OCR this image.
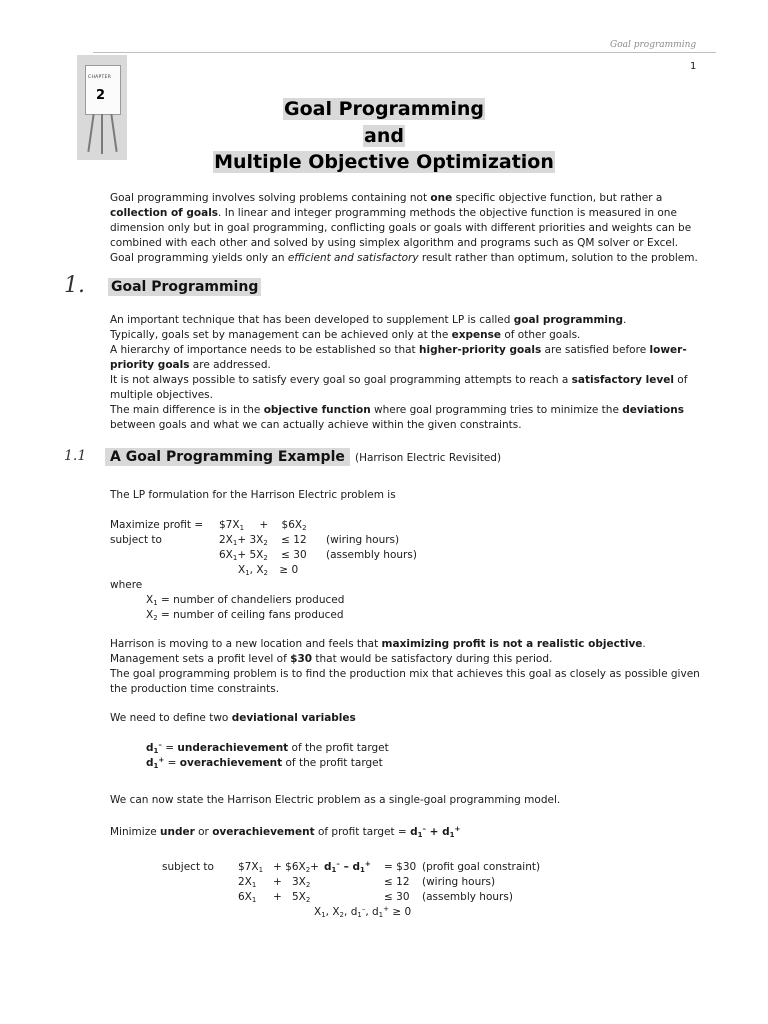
Goal programming
1
CHAPTER
2
Goal Programming
and
Multiple Objective Optimization
Goal programming involves solving problems containing not one specific objective function, but rather a collection of goals. In linear and integer programming methods the objective function is measured in one dimension only but in goal programming, conflicting goals or goals with different priorities and weights can be combined with each other and solved by using simplex algorithm and programs such as QM solver or Excel.
Goal programming yields only an efficient and satisfactory result rather than optimum, solution to the problem.
1. Goal Programming
An important technique that has been developed to supplement LP is called goal programming.
Typically, goals set by management can be achieved only at the expense of other goals.
A hierarchy of importance needs to be established so that higher-priority goals are satisfied before lower-priority goals are addressed.
It is not always possible to satisfy every goal so goal programming attempts to reach a satisfactory level of multiple objectives.
The main difference is in the objective function where goal programming tries to minimize the deviations between goals and what we can actually achieve within the given constraints.
1.1	A Goal Programming Example (Harrison Electric Revisited)
The LP formulation for the Harrison Electric problem is
Maximize profit = $\$7X_1$ + $\$6X_2$
subject to	$2X_1+ 3X_2 \le 12$ (wiring hours)
$6X_1+ 5X_2 \le 30$ (assembly hours)
$X_1$, $X_2 \ge 0$
where
$X_1$ = number of chandeliers produced
$X_2$ = number of ceiling fans produced
Harrison is moving to a new location and feels that maximizing profit is not a realistic objective.
Management sets a profit level of $30 that would be satisfactory during this period.
The goal programming problem is to find the production mix that achieves this goal as closely as possible given the production time constraints.
We need to define two deviational variables
$d_1^-$ = underachievement of the profit target
$d_1^+$ = overachievement of the profit target
We can now state the Harrison Electric problem as a single-goal programming model.
Minimize under or overachievement of profit target = $d_1^- + d_1^+$
subject to $\$7X_1$ + $\$6X_2+ d_1^- - d_1^+$ = $30 (profit goal constraint)
$2X_1 + 3X_2$	≤ 12 (wiring hours)
$6X_1 + 5X_2$	≤ 30 (assembly hours)
$X_1$, $X_2$, $d_1^-$, $d_1^+ \ge 0$
